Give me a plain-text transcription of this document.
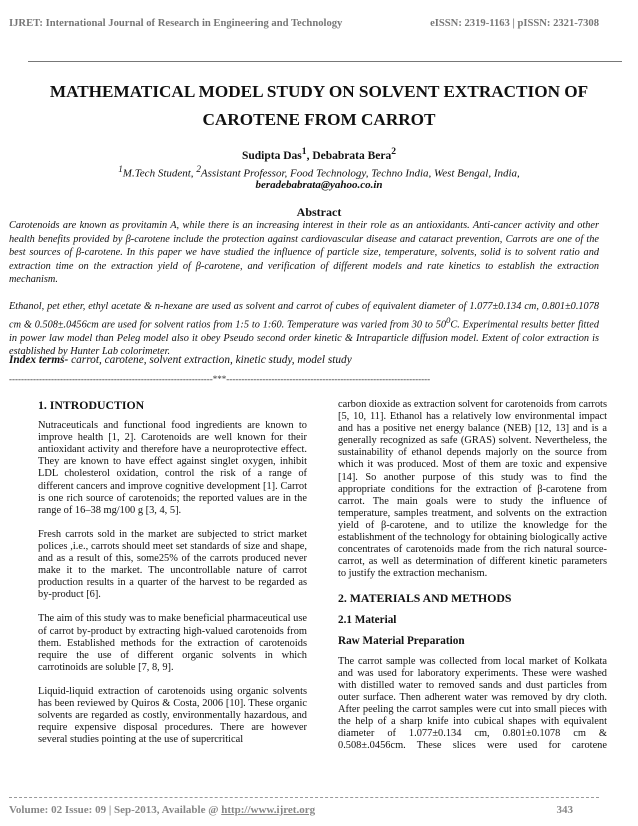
IJRET: International Journal of Research in Engineering and Technology	eISSN: 2319-1163 | pISSN: 2321-7308
MATHEMATICAL MODEL STUDY ON SOLVENT EXTRACTION OF
CAROTENE FROM CARROT
Sudipta Das$^1$, Debabrata Bera$^2$
$^1$M.Tech Student, $^2$Assistant Professor, Food Technology, Techno India, West Bengal, India,
beradebabrata@yahoo.co.in
Abstract

Carotenoids are known as provitamin A, while there is an increasing interest in their role as an antioxidants. Anti-cancer activity and other health benefits provided by β-carotene include the protection against cardiovascular disease and cataract prevention, Carrots are one of the best sources of β-carotene. In this paper we have studied the influence of particle size, temperature, solvents, solid is to solvent ratio and extraction time on the extraction yield of β-carotene, and verification of different models and rate kinetics to establish the extraction mechanism.

Ethanol, pet ether, ethyl acetate & n-hexane are used as solvent and carrot of cubes of equivalent diameter of 1.077±0.134 cm, 0.801±0.1078 cm & 0.508±.0456cm are used for solvent ratios from 1:5 to 1:60. Temperature was varied from 30 to $50^0C$. Experimental results better fitted in power law model than Peleg model also it obey Pseudo second order kinetic & Intraparticle diffusion model. Extent of color extraction is established by Hunter Lab colorimeter.

Index terms- carrot, carotene, solvent extraction, kinetic study, model study
--------------------------------------------------------------------***--------------------------------------------------------------------
1. INTRODUCTION

Nutraceuticals and functional food ingredients are known to improve health [1, 2]. Carotenoids are well known for their antioxidant activity and therefore have a neuroprotective effect. They are known to have effect against singlet oxygen, inhibit LDL cholesterol oxidation, control the risk of a range of different cancers and improve cognitive development [1]. Carrot is one rich source of carotenoids; the reported values are in the range of 16–38 mg/100 g [3, 4, 5].

Fresh carrots sold in the market are subjected to strict market polices ,i.e., carrots should meet set standards of size and shape, and as a result of this, some25% of the carrots produced never make it to the market. The uncontrollable nature of carrot production results in a quarter of the harvest to be regarded as by-product [6].

The aim of this study was to make beneficial pharmaceutical use of carrot by-product by extracting high-valued carotenoids from them. Established methods for the extraction of carotenoids require the use of different organic solvents in which carrotinoids are soluble [7, 8, 9].

Liquid-liquid extraction of carotenoids using organic solvents has been reviewed by Quiros & Costa, 2006 [10]. These organic solvents are regarded as costly, environmentally hazardous, and require expensive disposal procedures. There are however several studies pointing at the use of supercritical

carbon dioxide as extraction solvent for carotenoids from carrots [5, 10, 11]. Ethanol has a relatively low environmental impact and has a positive net energy balance (NEB) [12, 13] and is a generally recognized as safe (GRAS) solvent. Nevertheless, the sustainability of ethanol depends majorly on the source from which it was produced. Most of them are toxic and expensive [14]. So another purpose of this study was to find the appropriate conditions for the extraction of β-carotene from carrot. The main goals were to study the influence of temperature, samples treatment, and solvents on the extraction yield of β-carotene, and to utilize the knowledge for the establishment of the technology for obtaining biologically active concentrates of carotenoids made from the rich natural source-carrot, as well as determination of different kinetic parameters to justify the extraction mechanism.

2. MATERIALS AND METHODS
2.1 Material
Raw Material Preparation

The carrot sample was collected from local market of Kolkata and was used for laboratory experiments. These were washed with distilled water to removed sands and dust particles from outer surface. Then adherent water was removed by dry cloth. After peeling the carrot samples were cut into small pieces with the help of a sharp knife into cubical shapes with equivalent diameter of 1.077±0.134 cm, 0.801±0.1078 cm & 0.508±.0456cm. These slices were used for carotene

Volume: 02 Issue: 09 | Sep-2013, Available @ http://www.ijret.org	343
